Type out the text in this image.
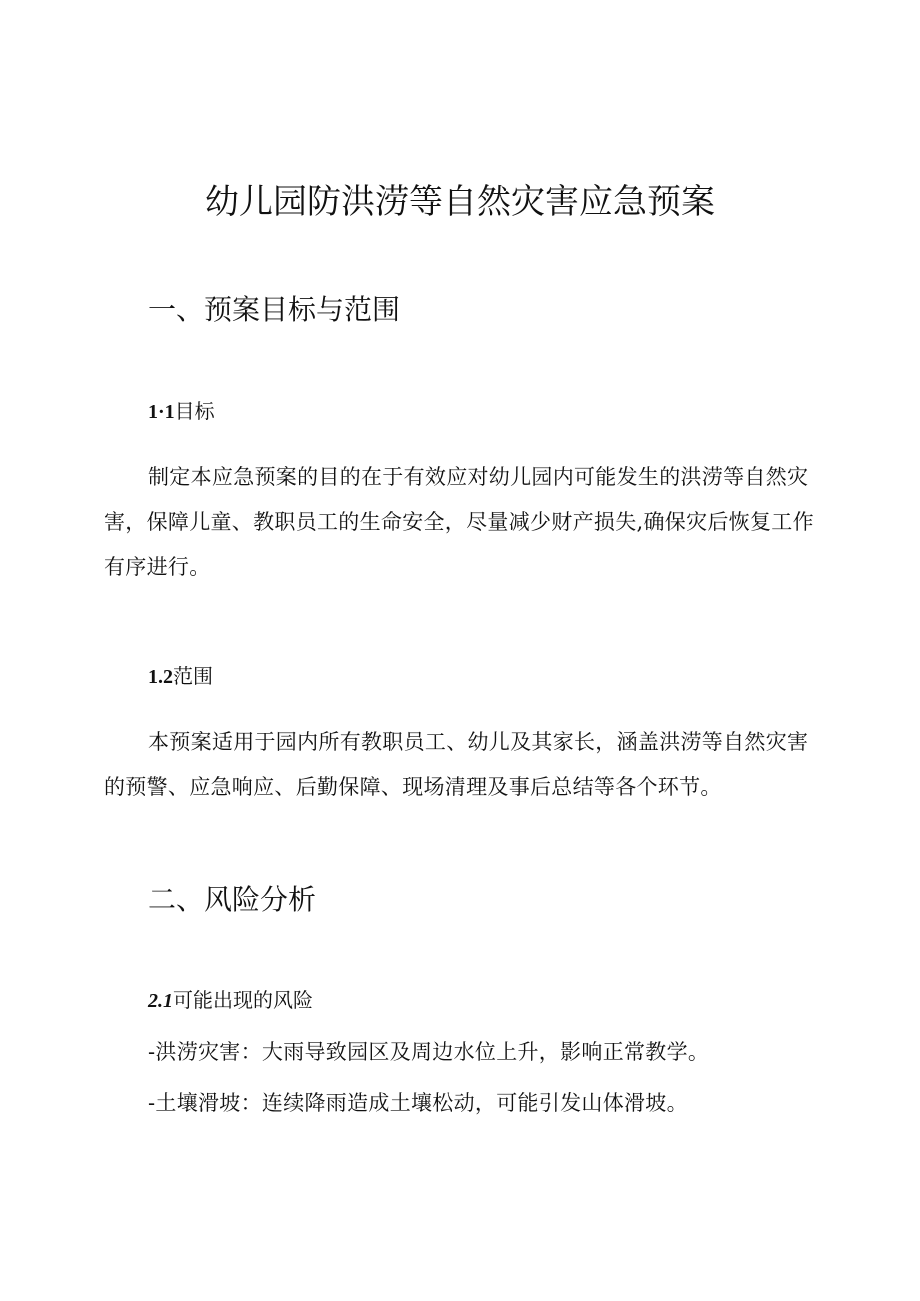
幼儿园防洪涝等自然灾害应急预案
一、预案目标与范围
1·1目标

制定本应急预案的目的在于有效应对幼儿园内可能发生的洪涝等自然灾害，保障儿童、教职员工的生命安全，尽量减少财产损失,确保灾后恢复工作有序进行。

1.2范围

本预案适用于园内所有教职员工、幼儿及其家长，涵盖洪涝等自然灾害的预警、应急响应、后勤保障、现场清理及事后总结等各个环节。

二、风险分析
2.1可能出现的风险

-洪涝灾害：大雨导致园区及周边水位上升，影响正常教学。

-土壤滑坡：连续降雨造成土壤松动，可能引发山体滑坡。
